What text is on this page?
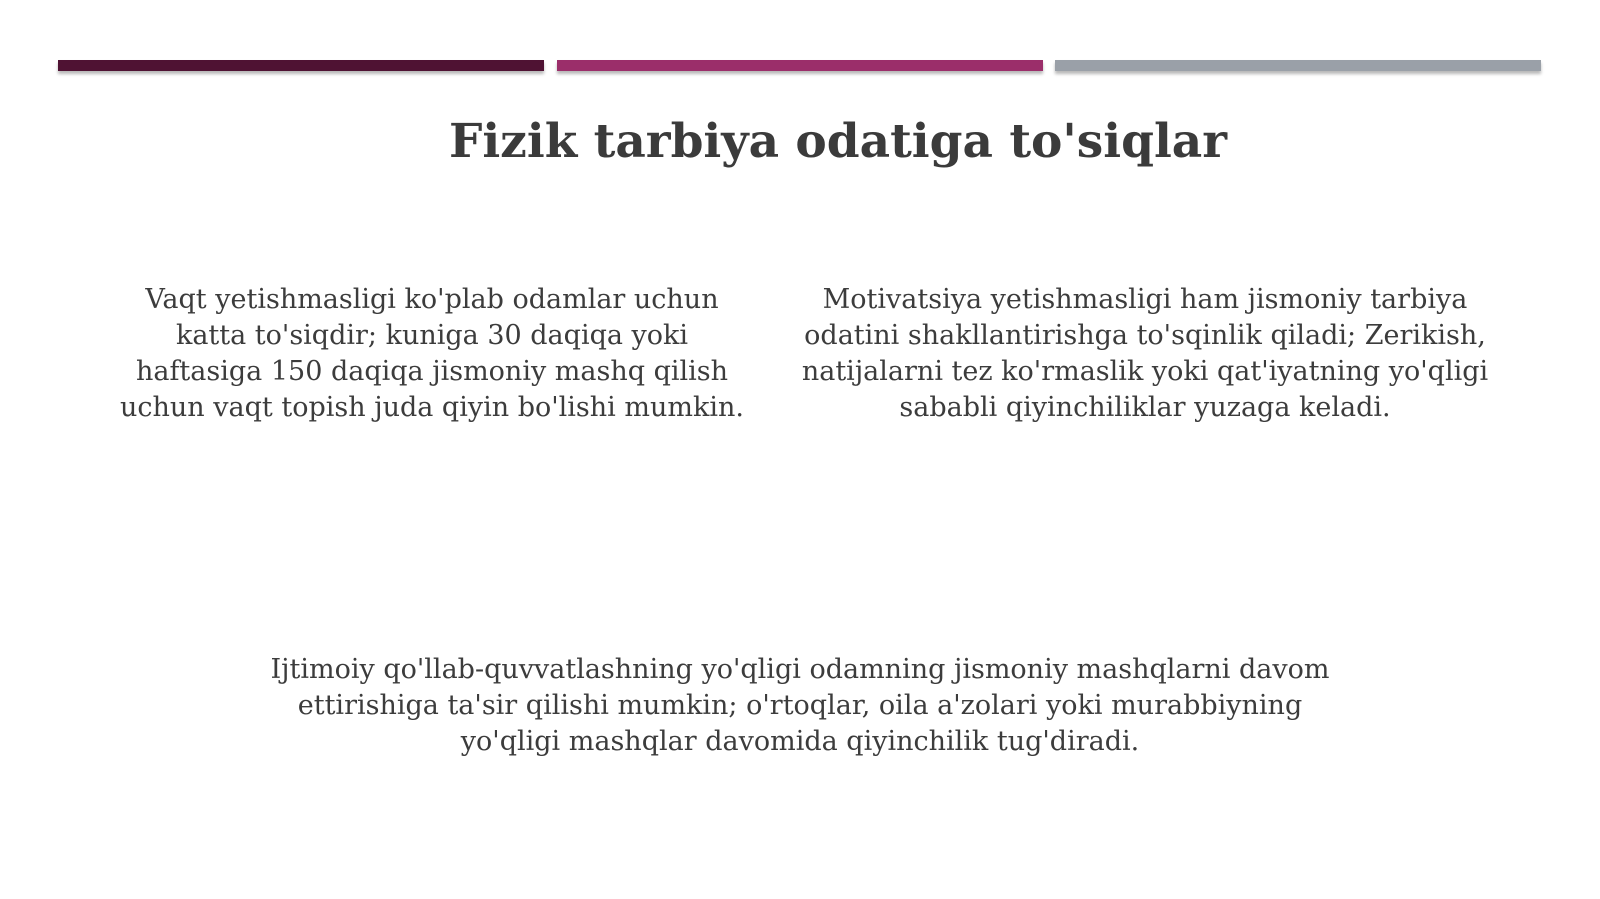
Fizik tarbiya odatiga to'siqlar

Vaqt yetishmasligi ko'plab odamlar uchun katta to'siqdir; kuniga 30 daqiqa yoki haftasiga 150 daqiqa jismoniy mashq qilish uchun vaqt topish juda qiyin bo'lishi mumkin.

Motivatsiya yetishmasligi ham jismoniy tarbiya odatini shakllantirishga to'sqinlik qiladi; Zerikish, natijalarni tez ko'rmaslik yoki qat'iyatning yo'qligi sababli qiyinchiliklar yuzaga keladi.

Ijtimoiy qo'llab-quvvatlashning yo'qligi odamning jismoniy mashqlarni davom ettirishiga ta'sir qilishi mumkin; o'rtoqlar, oila a'zolari yoki murabbiyning yo'qligi mashqlar davomida qiyinchilik tug'diradi.
